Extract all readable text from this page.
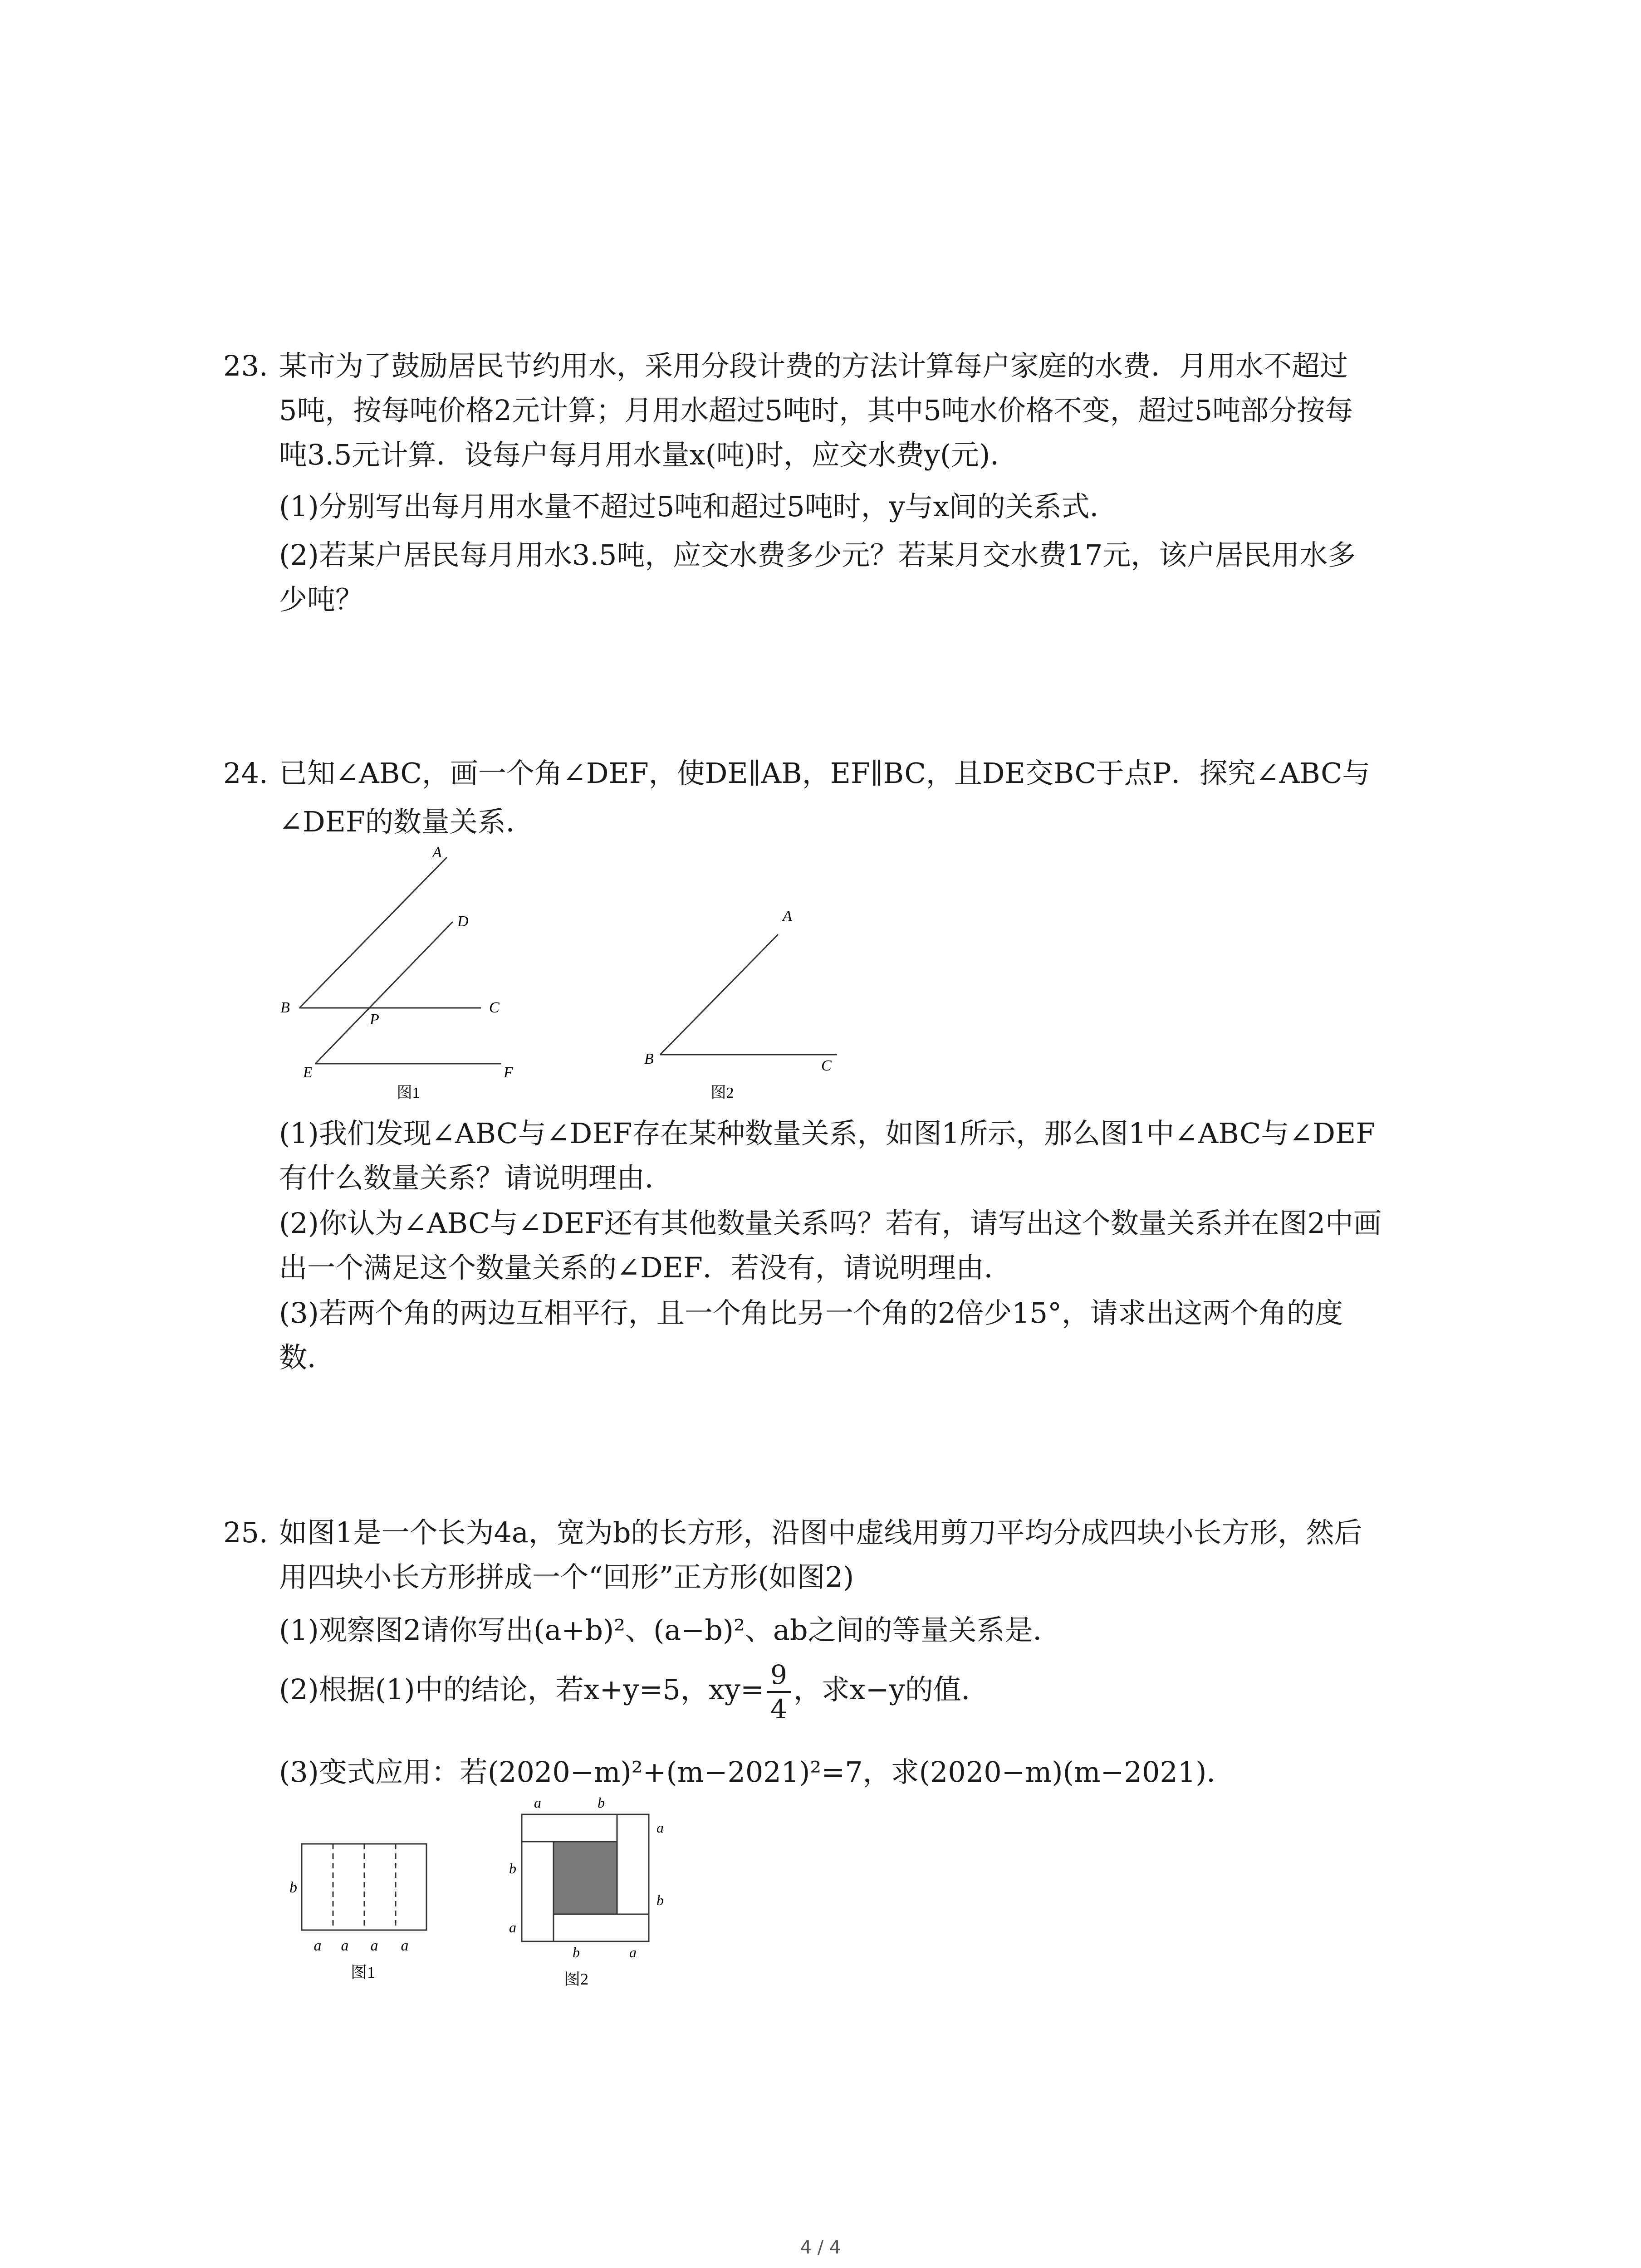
23. 某市为了鼓励居民节约用水，采用分段计费的方法计算每户家庭的水费．月用水不超过
5吨，按每吨价格2元计算；月用水超过5吨时，其中5吨水价格不变，超过5吨部分按每
吨3.5元计算．设每户每月用水量x(吨)时，应交水费y(元)．
(1)分别写出每月用水量不超过5吨和超过5吨时，y与x间的关系式．
(2)若某户居民每月用水3.5吨，应交水费多少元？若某月交水费17元，该户居民用水多
少吨？
24. 已知∠ABC，画一个角∠DEF，使DE∥AB，EF∥BC，且DE交BC于点P．探究∠ABC与
∠DEF的数量关系．
A
D
B
P
C
E	F
图1
A
B	C
图2
(1)我们发现∠ABC与∠DEF存在某种数量关系，如图1所示，那么图1中∠ABC与∠DEF
有什么数量关系？请说明理由．
(2)你认为∠ABC与∠DEF还有其他数量关系吗？若有，请写出这个数量关系并在图2中画
出一个满足这个数量关系的∠DEF．若没有，请说明理由．
(3)若两个角的两边互相平行，且一个角比另一个角的2倍少15°，请求出这两个角的度
数．
25. 如图1是一个长为4a，宽为b的长方形，沿图中虚线用剪刀平均分成四块小长方形，然后
用四块小长方形拼成一个“回形”正方形(如图2)
(1)观察图2请你写出(a+b)²、(a−b)²、ab之间的等量关系是．
(2)根据(1)中的结论，若x+y=5，$xy= \frac{9}{4}$ ，求x−y的值．
(3)变式应用：若(2020−m)²+(m−2021)²=7，求(2020−m)(m−2021)．
b
a a a a
图1
a	b
b
b
a
a
b	a
图2
4 / 4
